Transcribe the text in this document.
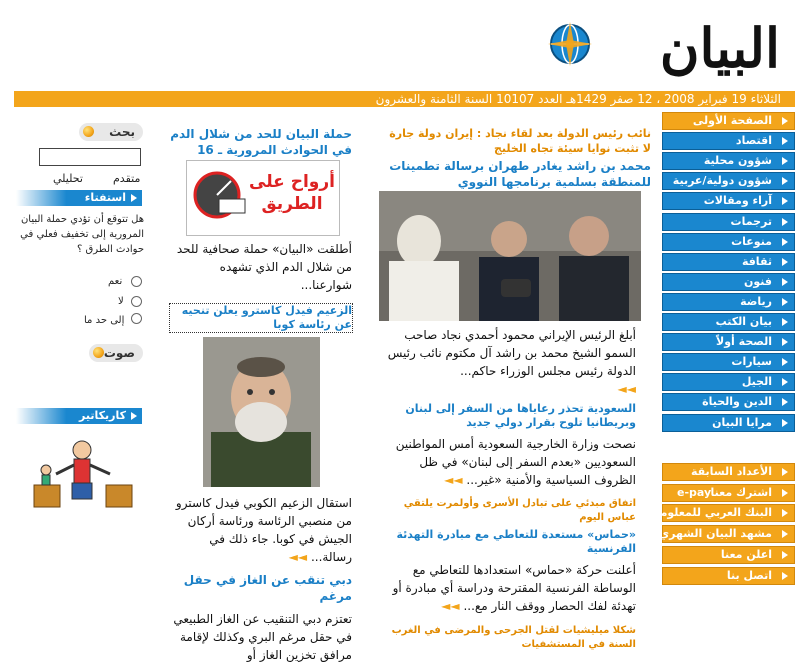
البيان
الثلاثاء 19 فبراير 2008 ، 12 صفر 1429هـ العدد 10107 السنة الثامنة والعشرون
الصفحة الأولى
اقتصاد
شؤون محلية
شؤون دولية/عربية
آراء ومقالات
ترجمات
منوعات
ثقافة
فنون
رياضة
بيان الكتب
الصحة أولاً
سيارات
الجيل
الدين والحياة
مرايا البيان
الأعداد السابقة
اشترك معنا
e-pay
البنك العربي للمعلومات
مشهد البيان الشهري
اعلن معنا
اتصل بنا
بحث
متقدم
تحليلي
استفتاء
هل تتوقع أن تؤدي حملة البيان المرورية إلى تخفيف فعلي في حوادث الطرق ؟
نعم
لا
إلى حد ما
صوت
كاريكاتير
نائب رئيس الدولة بعد لقاء نجاد : إيران دولة جارة
لا تثبت نوايا سيئة تجاه الخليج
محمد بن راشد يغادر طهران برسالة تطمينات للمنطقة بسلمية برنامجها النووي
أبلغ الرئيس الإيراني محمود أحمدي نجاد صاحب السمو الشيخ محمد بن راشد آل مكتوم نائب رئيس الدولة رئيس مجلس الوزراء حاكم...
◄◄
السعودية تحذر رعاياها من السفر إلى لبنان وبريطانيا تلوح بقرار دولي جديد
نصحت وزارة الخارجية السعودية أمس المواطنين السعوديين «بعدم السفر إلى لبنان» في ظل الظروف السياسية والأمنية «غير... ◄◄
اتفاق مبدئي على تبادل الأسرى وأولمرت يلتقي عباس اليوم
«حماس» مستعدة للتعاطي مع مبادرة التهدئة الفرنسية
أعلنت حركة «حماس» استعدادها للتعاطي مع الوساطة الفرنسية المقترحة ودراسة أي مبادرة أو تهدئة لفك الحصار ووقف النار مع... ◄◄
شكلا ميليشيات لقتل الجرحى والمرضى في الغرب السنة في المستشفيات
حملة البيان للحد من شلال الدم في الحوادث المرورية ـ 16
أرواح على الطريق
أطلقت «البيان» حملة صحافية للحد من شلال الدم الذي تشهده شوارعنا...
الزعيم فيدل كاسترو يعلن تنحيه عن رئاسة كوبا
استقال الزعيم الكوبي فيدل كاسترو من منصبي الرئاسة ورئاسة أركان الجيش في كوبا. جاء ذلك في رسالة... ◄◄
دبي تنقب عن الغاز في حقل مرغم
تعتزم دبي التنقيب عن الغاز الطبيعي في حقل مرغم البري وكذلك لإقامة مرافق تخزين الغاز أو
